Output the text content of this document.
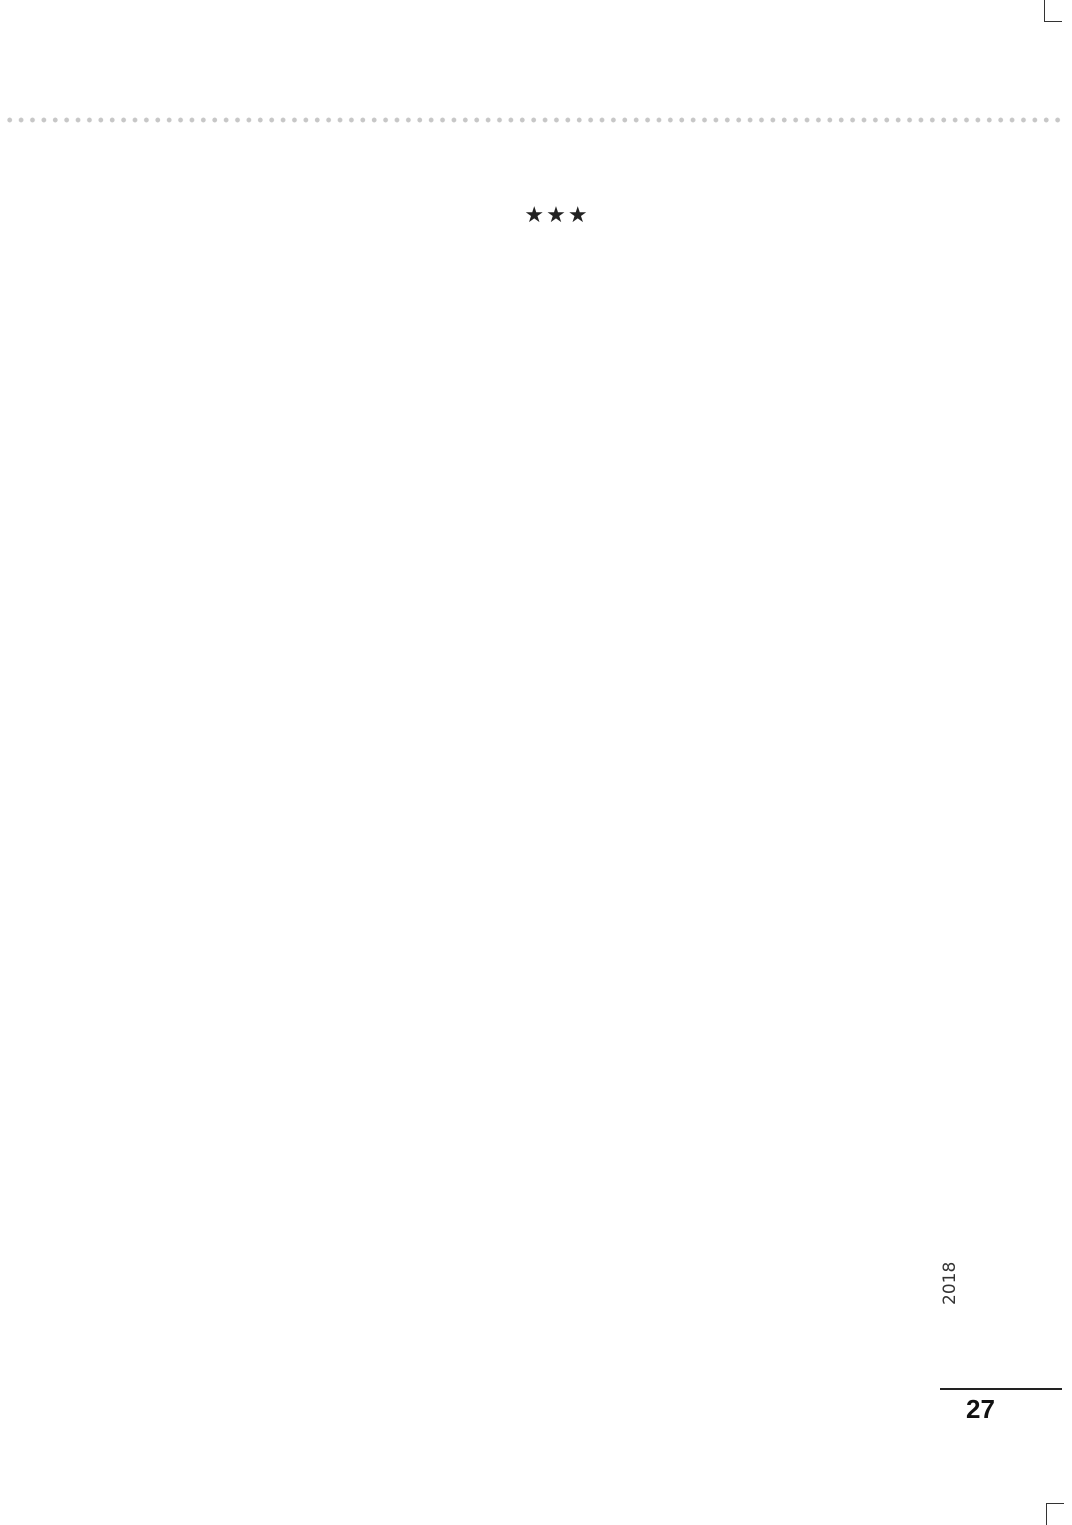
★★★

2018
27
